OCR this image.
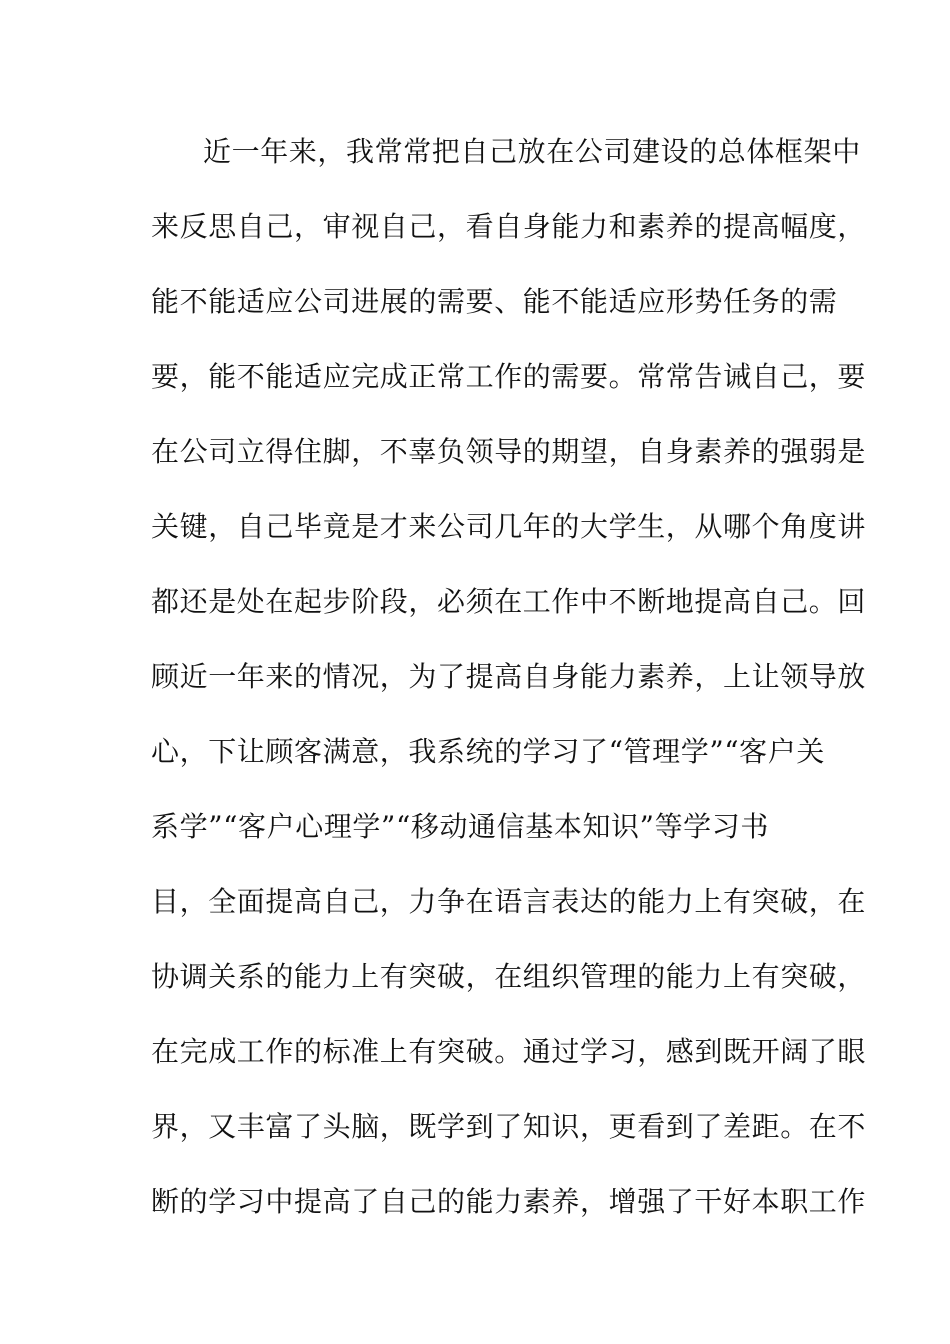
近一年来，我常常把自己放在公司建设的总体框架中
来反思自己，审视自己，看自身能力和素养的提高幅度，
能不能适应公司进展的需要、能不能适应形势任务的需
要，能不能适应完成正常工作的需要。常常告诫自己，要
在公司立得住脚，不辜负领导的期望，自身素养的强弱是
关键，自己毕竟是才来公司几年的大学生，从哪个角度讲
都还是处在起步阶段，必须在工作中不断地提高自己。回
顾近一年来的情况，为了提高自身能力素养，上让领导放
心，下让顾客满意，我系统的学习了“管理学”“客户关
系学”“客户心理学”“移动通信基本知识”等学习书
目，全面提高自己，力争在语言表达的能力上有突破，在
协调关系的能力上有突破，在组织管理的能力上有突破，
在完成工作的标准上有突破。通过学习，感到既开阔了眼
界，又丰富了头脑，既学到了知识，更看到了差距。在不
断的学习中提高了自己的能力素养，增强了干好本职工作
